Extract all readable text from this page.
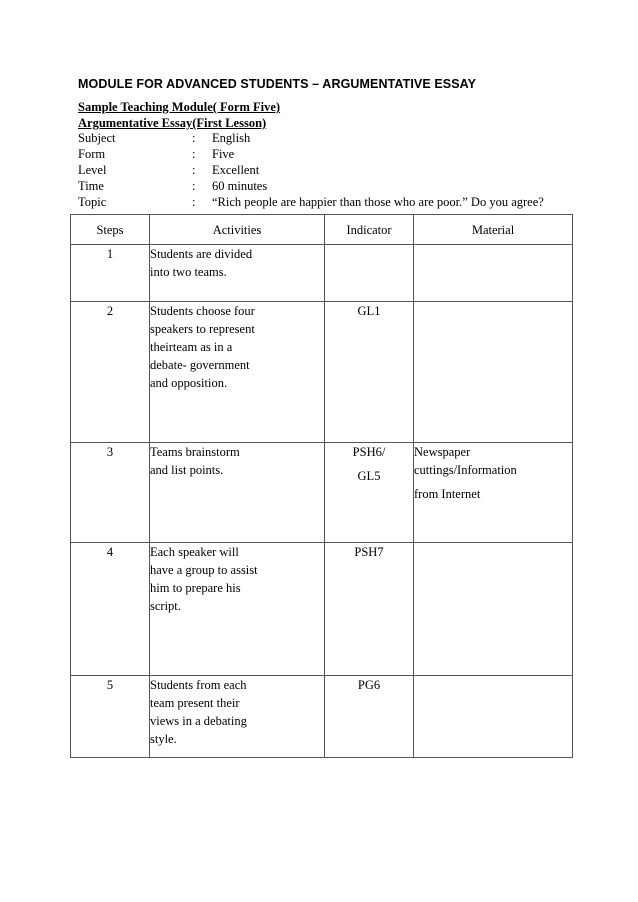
MODULE FOR ADVANCED STUDENTS – ARGUMENTATIVE ESSAY
Sample Teaching Module( Form Five)
Argumentative Essay(First Lesson)
Subject	: English
Form	: Five
Level	: Excellent
Time	: 60 minutes
Topic	: “Rich people are happier than those who are poor.” Do you agree?
Steps	Activities	Indicator	Material
1	Students are divided
into two teams.		

2	Students choose four
speakers to represent
theirteam as in a
debate- government
and opposition.	GL1	

3	Teams brainstorm
and list points.	PSH6/
GL5	Newspaper
cuttings/Information
from Internet

4	Each speaker will
have a group to assist
him to prepare his
script.	PSH7	

5	Students from each
team present their
views in a debating
style.	PG6	
